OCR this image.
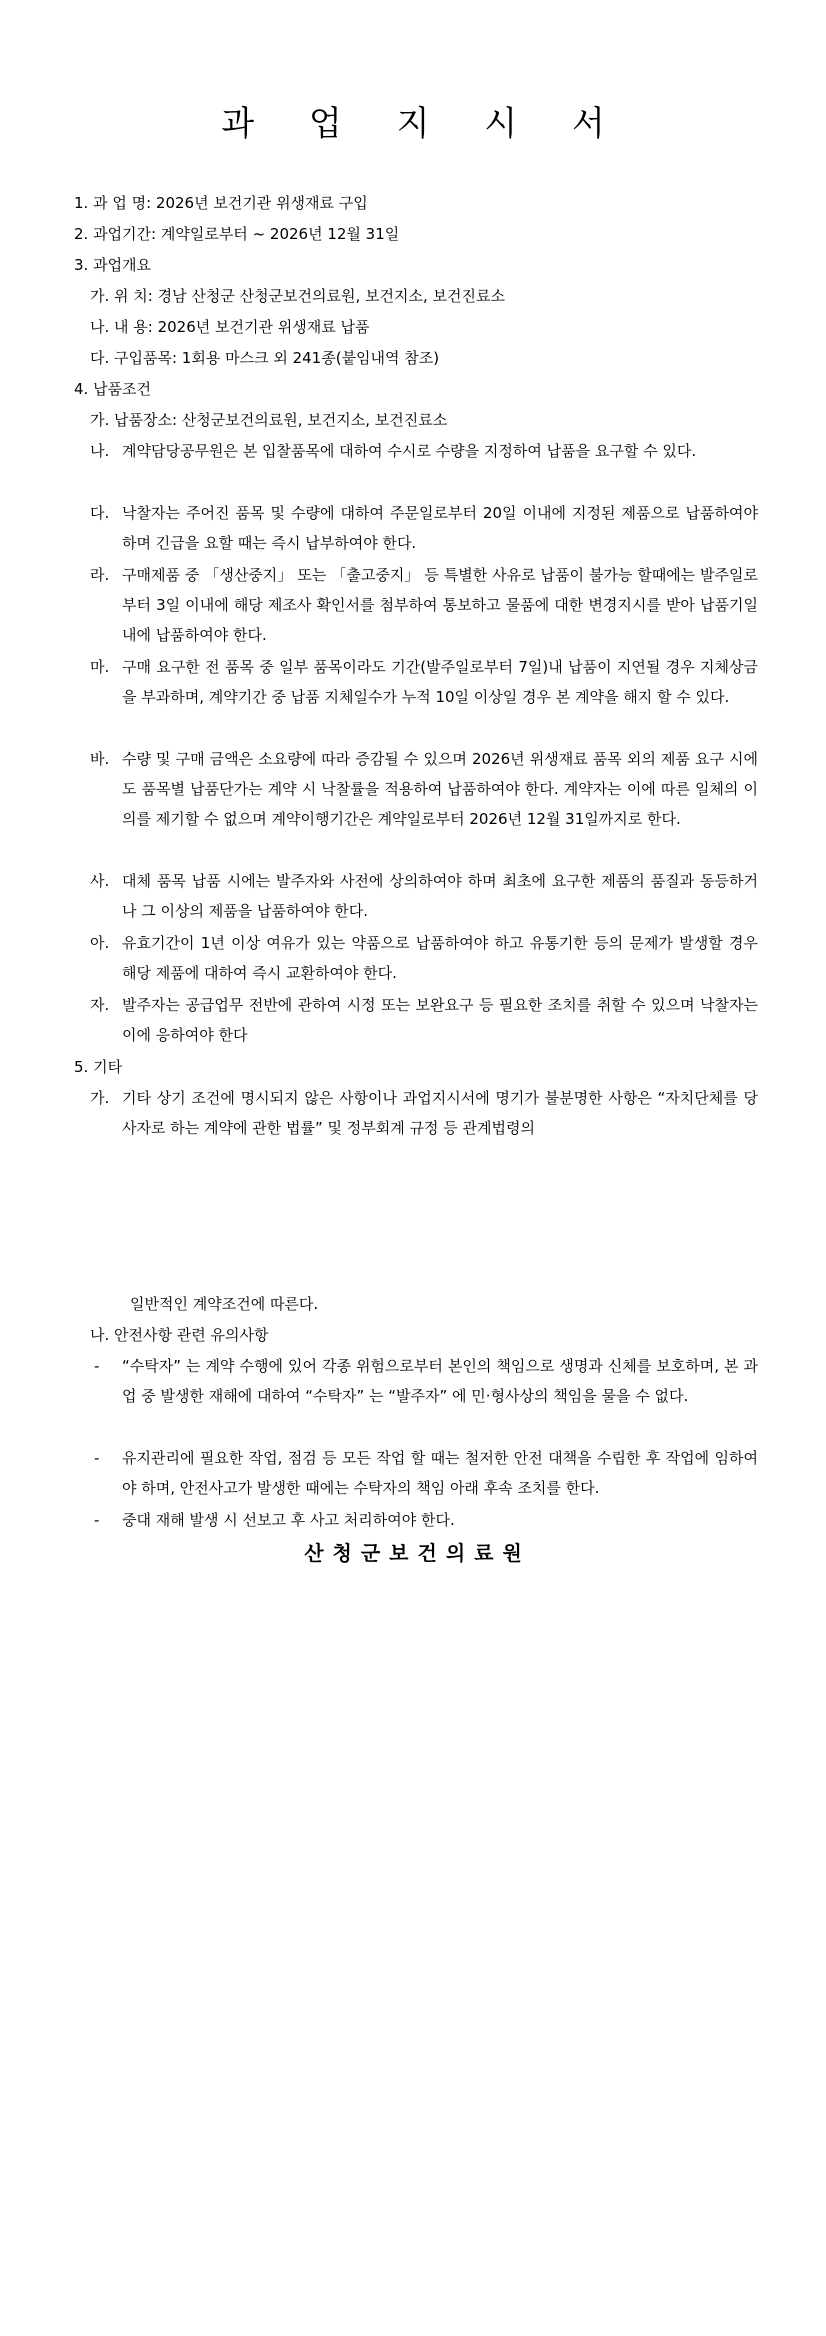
과 업 지 시 서
1. 과 업 명: 2026년 보건기관 위생재료 구입
2. 과업기간: 계약일로부터 ~ 2026년 12월 31일
3. 과업개요
가. 위 치: 경남 산청군 산청군보건의료원, 보건지소, 보건진료소
나. 내 용: 2026년 보건기관 위생재료 납품
다. 구입품목: 1회용 마스크 외 241종(붙임내역 참조)
4. 납품조건
가. 납품장소: 산청군보건의료원, 보건지소, 보건진료소
나. 계약담당공무원은 본 입찰품목에 대하여 수시로 수량을 지정하여 납품을 요구할 수 있다.
다. 낙찰자는 주어진 품목 및 수량에 대하여 주문일로부터 20일 이내에 지정된 제품으로 납품하여야 하며 긴급을 요할 때는 즉시 납부하여야 한다.
라. 구매제품 중 「생산중지」 또는 「출고중지」 등 특별한 사유로 납품이 불가능 할때에는 발주일로부터 3일 이내에 해당 제조사 확인서를 첨부하여 통보하고 물품에 대한 변경지시를 받아 납품기일 내에 납품하여야 한다.
마. 구매 요구한 전 품목 중 일부 품목이라도 기간(발주일로부터 7일)내 납품이 지연될 경우 지체상금을 부과하며, 계약기간 중 납품 지체일수가 누적 10일 이상일 경우 본 계약을 해지 할 수 있다.
바. 수량 및 구매 금액은 소요량에 따라 증감될 수 있으며 2026년 위생재료 품목 외의 제품 요구 시에도 품목별 납품단가는 계약 시 낙찰률을 적용하여 납품하여야 한다. 계약자는 이에 따른 일체의 이의를 제기할 수 없으며 계약이행기간은 계약일로부터 2026년 12월 31일까지로 한다.
사. 대체 품목 납품 시에는 발주자와 사전에 상의하여야 하며 최초에 요구한 제품의 품질과 동등하거나 그 이상의 제품을 납품하여야 한다.
아. 유효기간이 1년 이상 여유가 있는 약품으로 납품하여야 하고 유통기한 등의 문제가 발생할 경우 해당 제품에 대하여 즉시 교환하여야 한다.
자. 발주자는 공급업무 전반에 관하여 시정 또는 보완요구 등 필요한 조치를 취할 수 있으며 낙찰자는 이에 응하여야 한다
5. 기타
가. 기타 상기 조건에 명시되지 않은 사항이나 과업지시서에 명기가 불분명한 사항은 “자치단체를 당사자로 하는 계약에 관한 법률” 및 정부회계 규정 등 관계법령의
일반적인 계약조건에 따른다.
나. 안전사항 관련 유의사항
- “수탁자” 는 계약 수행에 있어 각종 위험으로부터 본인의 책임으로 생명과 신체를 보호하며, 본 과업 중 발생한 재해에 대하여 “수탁자” 는 “발주자” 에 민·형사상의 책임을 물을 수 없다.
- 유지관리에 필요한 작업, 점검 등 모든 작업 할 때는 철저한 안전 대책을 수립한 후 작업에 임하여야 하며, 안전사고가 발생한 때에는 수탁자의 책임 아래 후속 조치를 한다.
- 중대 재해 발생 시 선보고 후 사고 처리하여야 한다.
산청군보건의료원
